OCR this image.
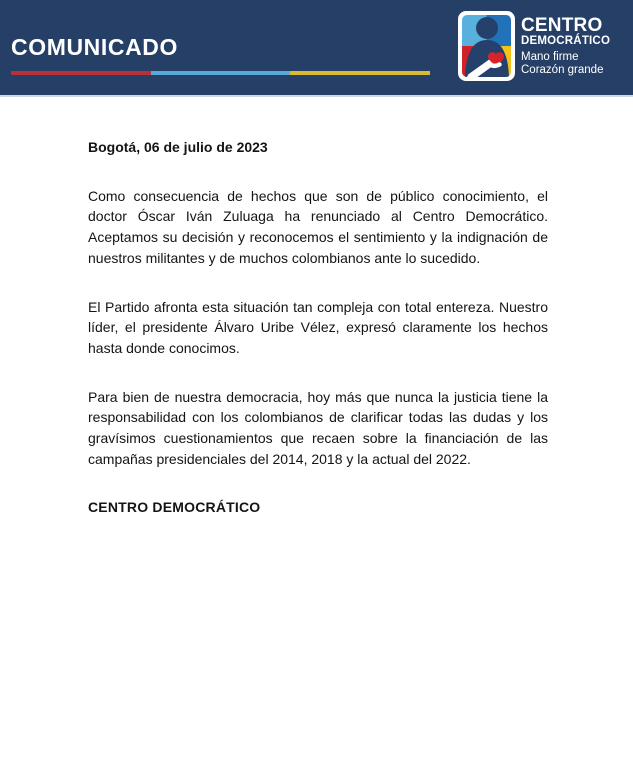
COMUNICADO
CENTRO
DEMOCRÁTICO
Mano firme
Corazón grande

Bogotá, 06 de julio de 2023

Como consecuencia de hechos que son de público conocimiento, el doctor Óscar Iván Zuluaga ha renunciado al Centro Democrático. Aceptamos su decisión y reconocemos el sentimiento y la indignación de nuestros militantes y de muchos colombianos ante lo sucedido.

El Partido afronta esta situación tan compleja con total entereza. Nuestro líder, el presidente Álvaro Uribe Vélez, expresó claramente los hechos hasta donde conocimos.

Para bien de nuestra democracia, hoy más que nunca la justicia tiene la responsabilidad con los colombianos de clarificar todas las dudas y los gravísimos cuestionamientos que recaen sobre la financiación de las campañas presidenciales del 2014, 2018 y la actual del 2022.

CENTRO DEMOCRÁTICO
